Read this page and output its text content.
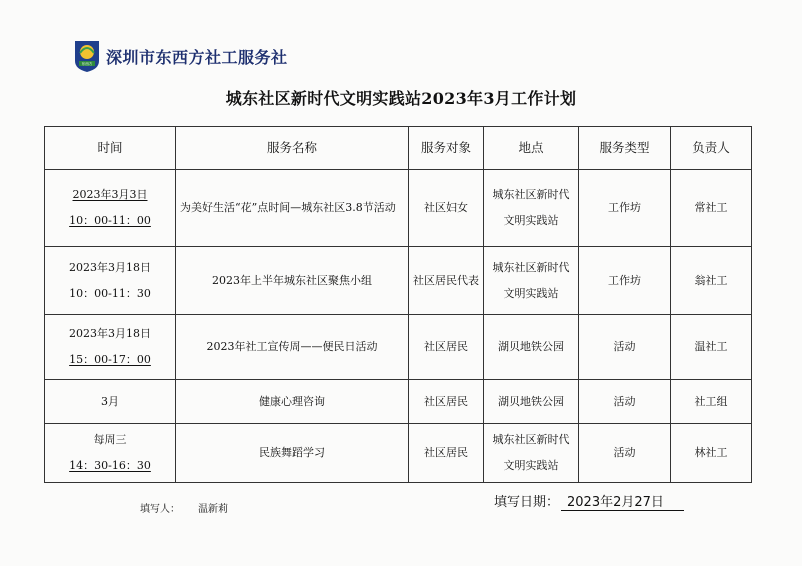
东西方 深圳市东西方社工服务社
城东社区新时代文明实践站2023年3月工作计划
时间	服务名称	服务对象	地点	服务类型	负责人

2023年3月3日
10：00-11：00	为美好生活“花”点时间—城东社区3.8节活动	社区妇女	城东社区新时代文明实践站	工作坊	常社工

2023年3月18日
10：00-11：30	2023年上半年城东社区聚焦小组	社区居民代表	城东社区新时代文明实践站	工作坊	翁社工

2023年3月18日
15：00-17：00	2023年社工宣传周——便民日活动	社区居民	湖贝地铁公园	活动	温社工

3月	健康心理咨询	社区居民	湖贝地铁公园	活动	社工组

每周三
14：30-16：30	民族舞蹈学习	社区居民	城东社区新时代文明实践站	活动	林社工
填写人： 温新莉	填写日期： 2023年2月27日
